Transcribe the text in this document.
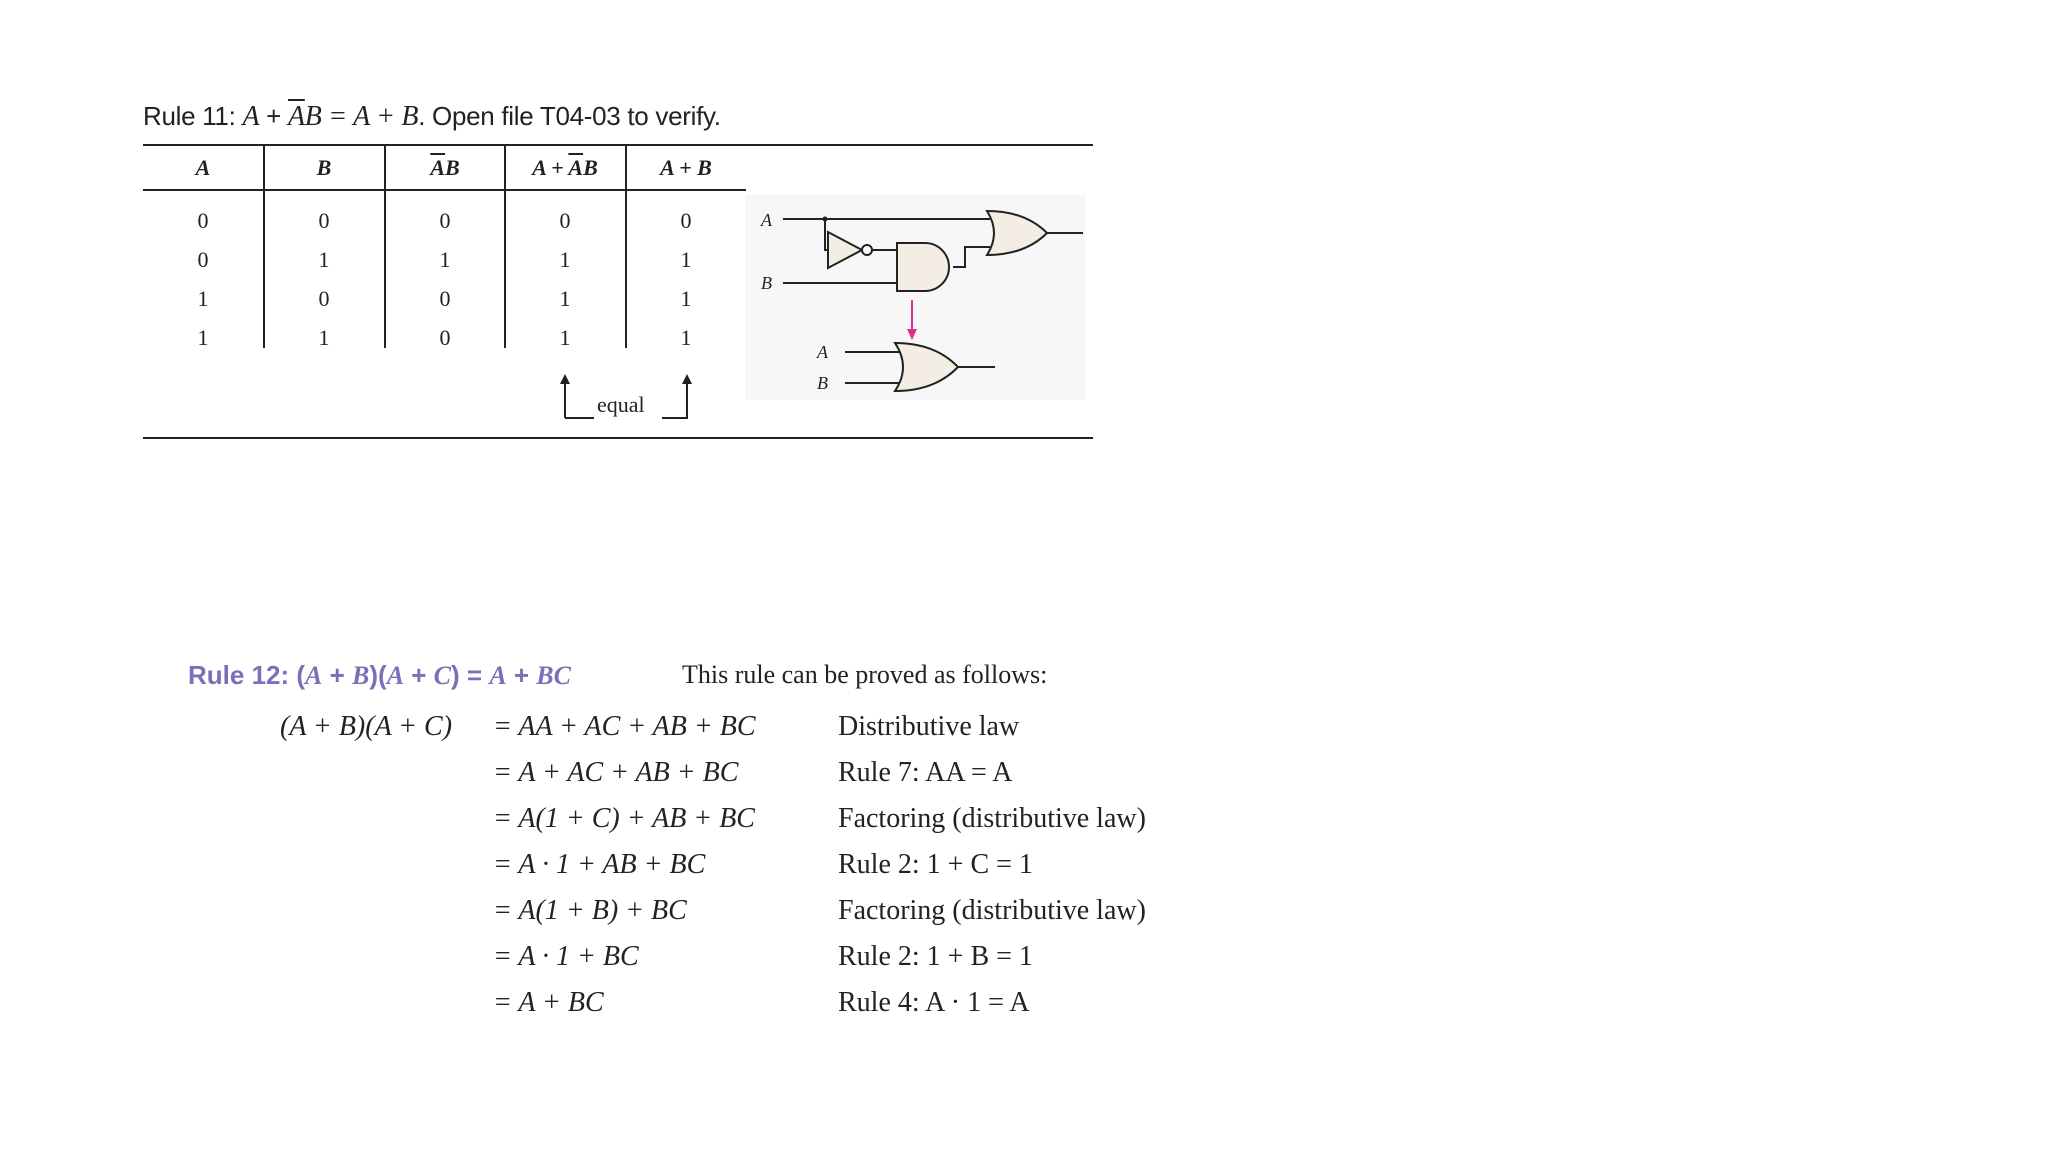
Rule 11: $A + \overline{A}B = A + B$. Open file T04-03 to verify.
A	B	$\overline{A}B$	$A + \overline{A}B$	A + B
0	0	0	0	0
0	1	1	1	1
1	0	0	1	1
1	1	0	1	1
equal
A
B
A
B
Rule 12: (A + B)(A + C) = A + BC	This rule can be proved as follows:
(A + B)(A + C) = AA + AC + AB + BC	Distributive law
= A + AC + AB + BC	Rule 7: AA = A
= A(1 + C) + AB + BC	Factoring (distributive law)
= A · 1 + AB + BC	Rule 2: 1 + C = 1
= A(1 + B) + BC	Factoring (distributive law)
= A · 1 + BC	Rule 2: 1 + B = 1
= A + BC	Rule 4: A · 1 = A
